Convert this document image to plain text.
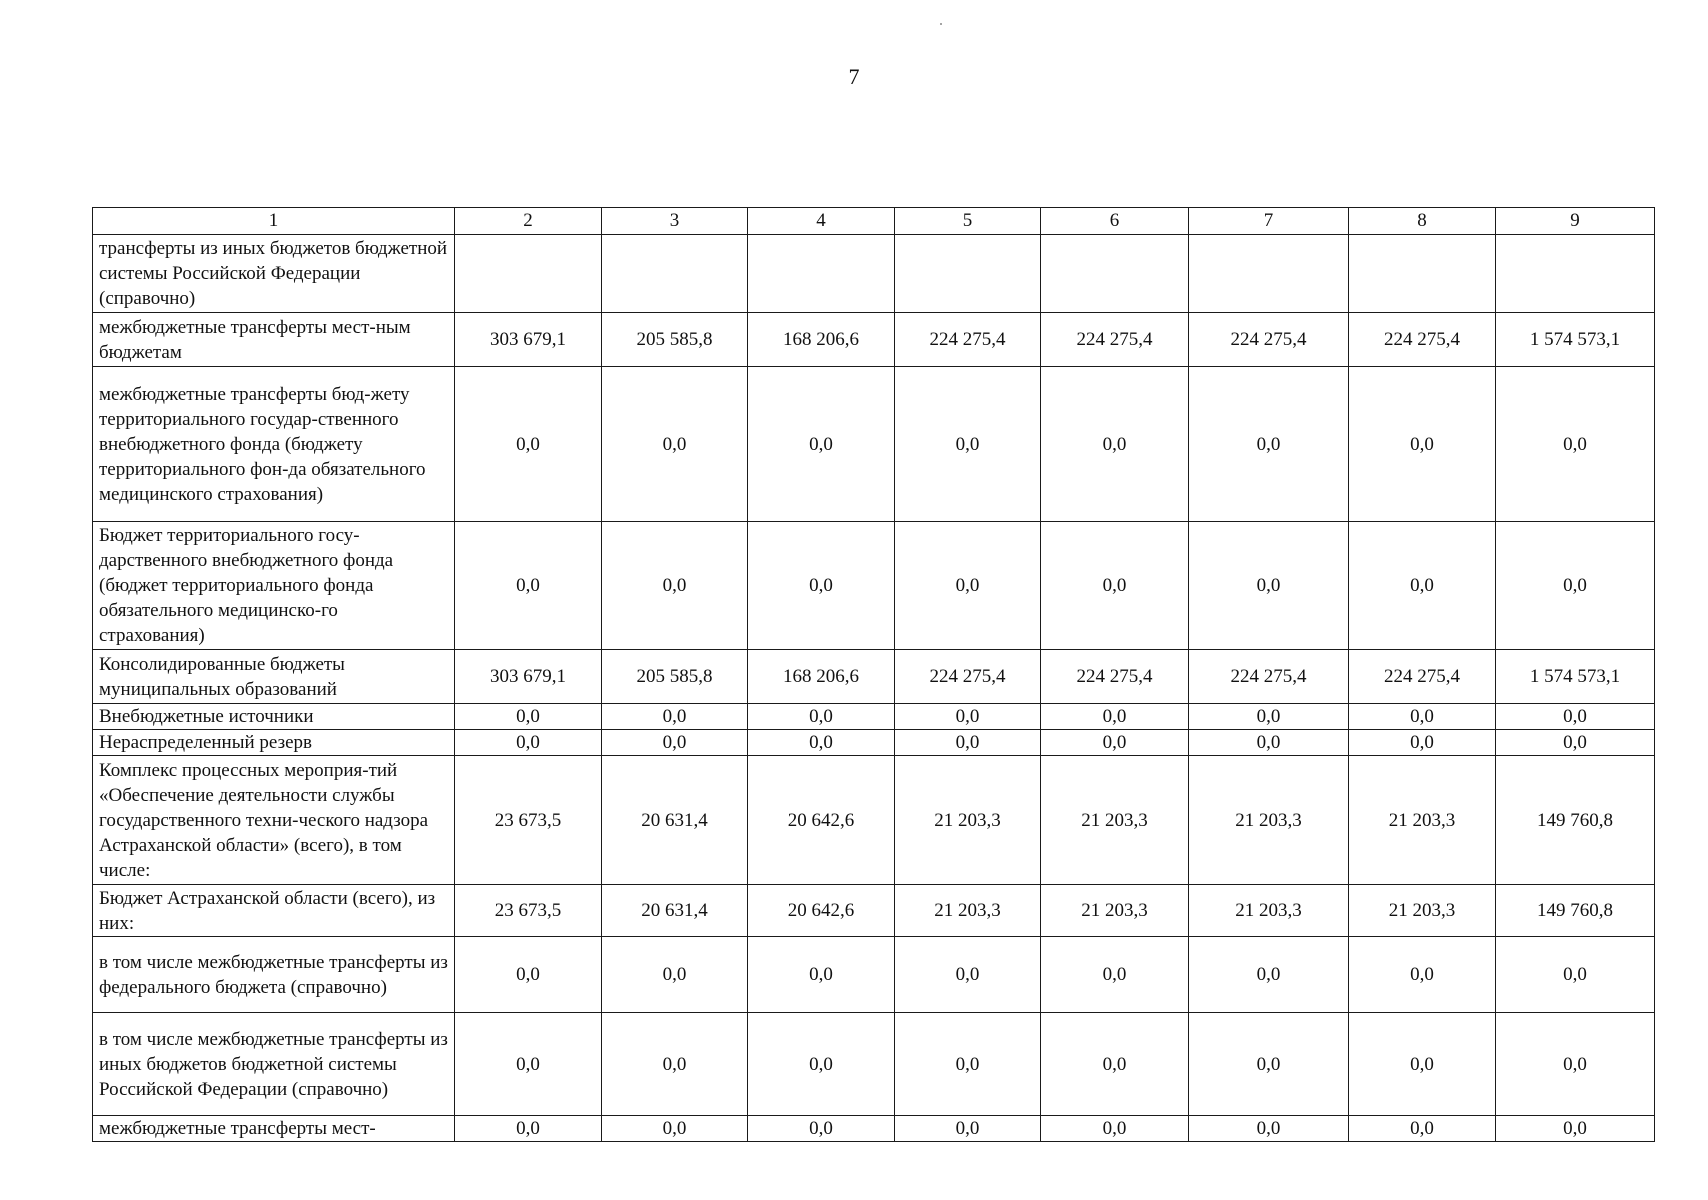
7
1	2	3	4	5	6	7	8	9
трансферты из иных бюджетов бюджетной системы Российской Федерации (справочно)								
межбюджетные трансферты мест-ным бюджетам	303 679,1	205 585,8	168 206,6	224 275,4	224 275,4	224 275,4	224 275,4	1 574 573,1
межбюджетные трансферты бюд-жету территориального государ-ственного внебюджетного фонда (бюджету территориального фон-да обязательного медицинского страхования)	0,0	0,0	0,0	0,0	0,0	0,0	0,0	0,0
Бюджет территориального госу-дарственного внебюджетного фонда (бюджет территориального фонда обязательного медицинско-го страхования)	0,0	0,0	0,0	0,0	0,0	0,0	0,0	0,0
Консолидированные бюджеты муниципальных образований	303 679,1	205 585,8	168 206,6	224 275,4	224 275,4	224 275,4	224 275,4	1 574 573,1
Внебюджетные источники	0,0	0,0	0,0	0,0	0,0	0,0	0,0	0,0
Нераспределенный резерв	0,0	0,0	0,0	0,0	0,0	0,0	0,0	0,0
Комплекс процессных мероприя-тий «Обеспечение деятельности службы государственного техни-ческого надзора Астраханской области» (всего), в том числе:	23 673,5	20 631,4	20 642,6	21 203,3	21 203,3	21 203,3	21 203,3	149 760,8
Бюджет Астраханской области (всего), из них:	23 673,5	20 631,4	20 642,6	21 203,3	21 203,3	21 203,3	21 203,3	149 760,8
в том числе межбюджетные трансферты из федерального бюджета (справочно)	0,0	0,0	0,0	0,0	0,0	0,0	0,0	0,0
в том числе межбюджетные трансферты из иных бюджетов бюджетной системы Российской Федерации (справочно)	0,0	0,0	0,0	0,0	0,0	0,0	0,0	0,0
межбюджетные трансферты мест-	0,0	0,0	0,0	0,0	0,0	0,0	0,0	0,0
